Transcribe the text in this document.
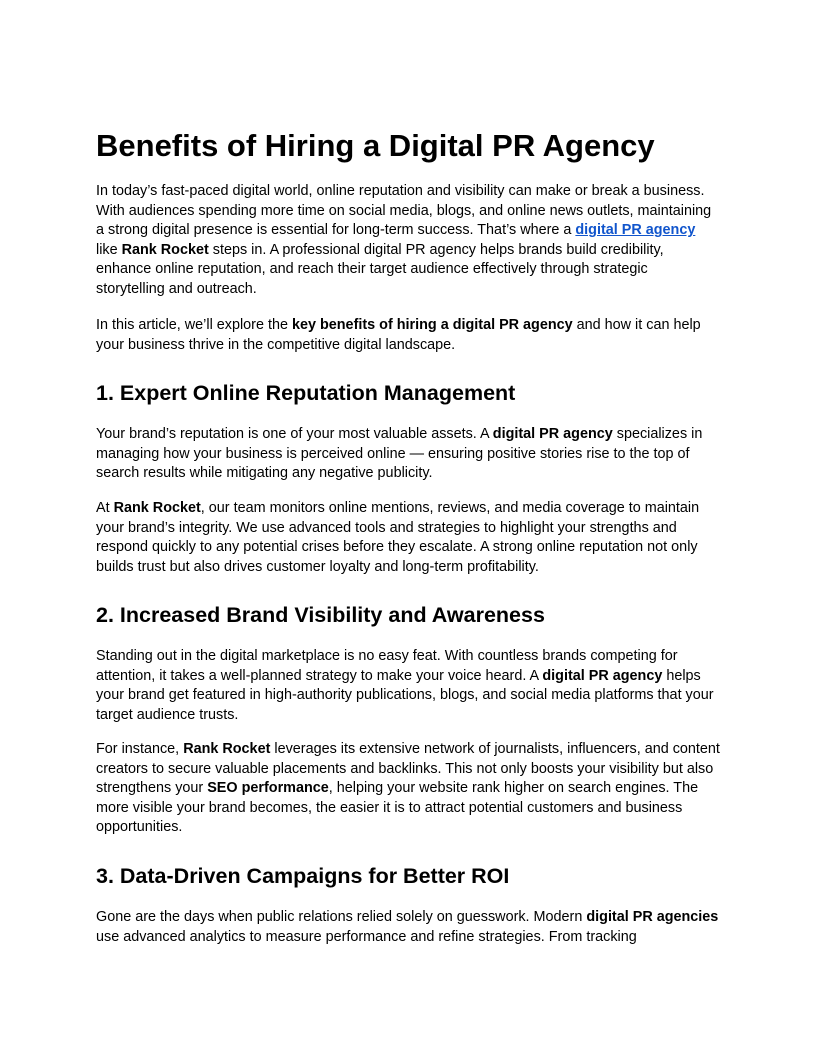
Benefits of Hiring a Digital PR Agency

In today’s fast-paced digital world, online reputation and visibility can make or break a business. With audiences spending more time on social media, blogs, and online news outlets, maintaining a strong digital presence is essential for long-term success. That’s where a digital PR agency like Rank Rocket steps in. A professional digital PR agency helps brands build credibility, enhance online reputation, and reach their target audience effectively through strategic storytelling and outreach.

In this article, we’ll explore the key benefits of hiring a digital PR agency and how it can help your business thrive in the competitive digital landscape.

1. Expert Online Reputation Management

Your brand’s reputation is one of your most valuable assets. A digital PR agency specializes in managing how your business is perceived online — ensuring positive stories rise to the top of search results while mitigating any negative publicity.

At Rank Rocket, our team monitors online mentions, reviews, and media coverage to maintain your brand’s integrity. We use advanced tools and strategies to highlight your strengths and respond quickly to any potential crises before they escalate. A strong online reputation not only builds trust but also drives customer loyalty and long-term profitability.

2. Increased Brand Visibility and Awareness

Standing out in the digital marketplace is no easy feat. With countless brands competing for attention, it takes a well-planned strategy to make your voice heard. A digital PR agency helps your brand get featured in high-authority publications, blogs, and social media platforms that your target audience trusts.

For instance, Rank Rocket leverages its extensive network of journalists, influencers, and content creators to secure valuable placements and backlinks. This not only boosts your visibility but also strengthens your SEO performance, helping your website rank higher on search engines. The more visible your brand becomes, the easier it is to attract potential customers and business opportunities.

3. Data-Driven Campaigns for Better ROI

Gone are the days when public relations relied solely on guesswork. Modern digital PR agencies use advanced analytics to measure performance and refine strategies. From tracking
